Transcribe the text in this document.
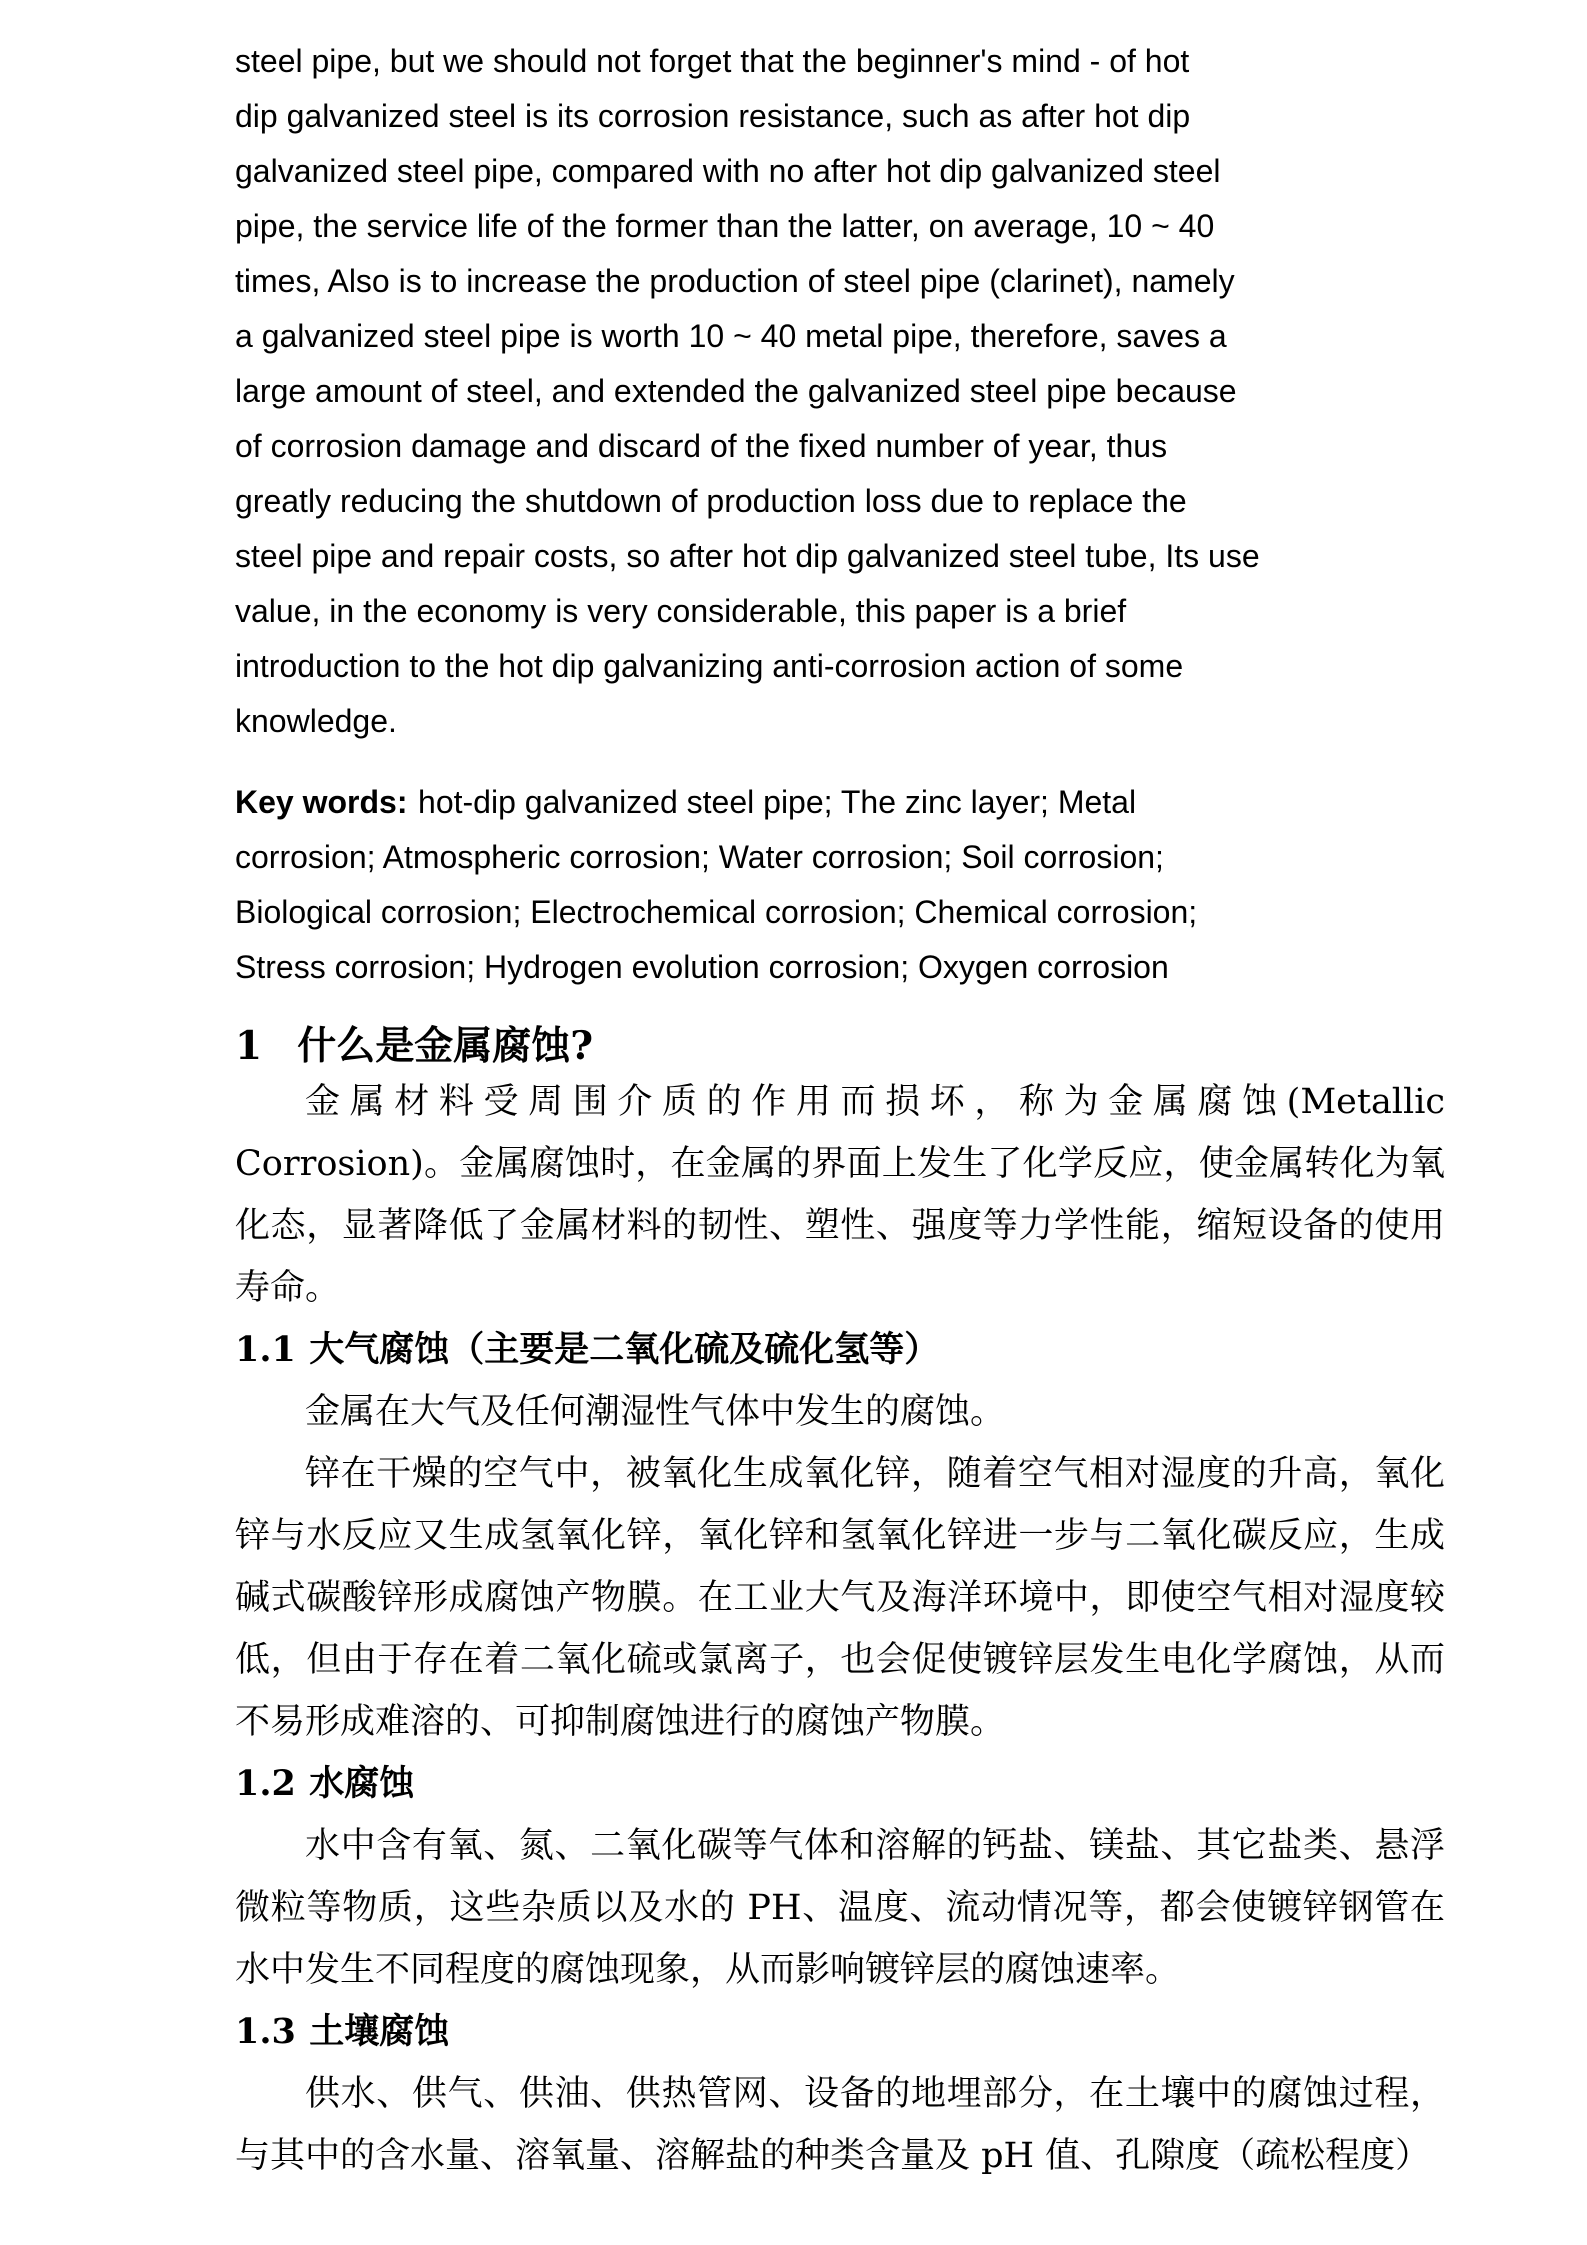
steel pipe, but we should not forget that the beginner's mind - of hot
dip galvanized steel is its corrosion resistance, such as after hot dip
galvanized steel pipe, compared with no after hot dip galvanized steel
pipe, the service life of the former than the latter, on average, 10 ~ 40
times, Also is to increase the production of steel pipe (clarinet), namely
a galvanized steel pipe is worth 10 ~ 40 metal pipe, therefore, saves a
large amount of steel, and extended the galvanized steel pipe because
of corrosion damage and discard of the fixed number of year, thus
greatly reducing the shutdown of production loss due to replace the
steel pipe and repair costs, so after hot dip galvanized steel tube, Its use
value, in the economy is very considerable, this paper is a brief
introduction to the hot dip galvanizing anti-corrosion action of some
knowledge.
Key words: hot-dip galvanized steel pipe; The zinc layer; Metal
corrosion; Atmospheric corrosion; Water corrosion; Soil corrosion;
Biological corrosion; Electrochemical corrosion; Chemical corrosion;
Stress corrosion; Hydrogen evolution corrosion; Oxygen corrosion
1 什么是金属腐蚀?

金属材料受周围介质的作用而损坏，称为金属腐蚀(Metallic Corrosion)。金属腐蚀时，在金属的界面上发生了化学反应，使金属转化为氧化态，显著降低了金属材料的韧性、塑性、强度等力学性能，缩短设备的使用寿命。

1.1 大气腐蚀（主要是二氧化硫及硫化氢等）

金属在大气及任何潮湿性气体中发生的腐蚀。

锌在干燥的空气中，被氧化生成氧化锌，随着空气相对湿度的升高，氧化锌与水反应又生成氢氧化锌，氧化锌和氢氧化锌进一步与二氧化碳反应，生成碱式碳酸锌形成腐蚀产物膜。在工业大气及海洋环境中，即使空气相对湿度较低，但由于存在着二氧化硫或氯离子，也会促使镀锌层发生电化学腐蚀，从而不易形成难溶的、可抑制腐蚀进行的腐蚀产物膜。

1.2 水腐蚀

水中含有氧、氮、二氧化碳等气体和溶解的钙盐、镁盐、其它盐类、悬浮微粒等物质，这些杂质以及水的 PH、温度、流动情况等，都会使镀锌钢管在水中发生不同程度的腐蚀现象，从而影响镀锌层的腐蚀速率。

1.3 土壤腐蚀

供水、供气、供油、供热管网、设备的地埋部分，在土壤中的腐蚀过程，与其中的含水量、溶氧量、溶解盐的种类含量及 pH 值、孔隙度（疏松程度）
